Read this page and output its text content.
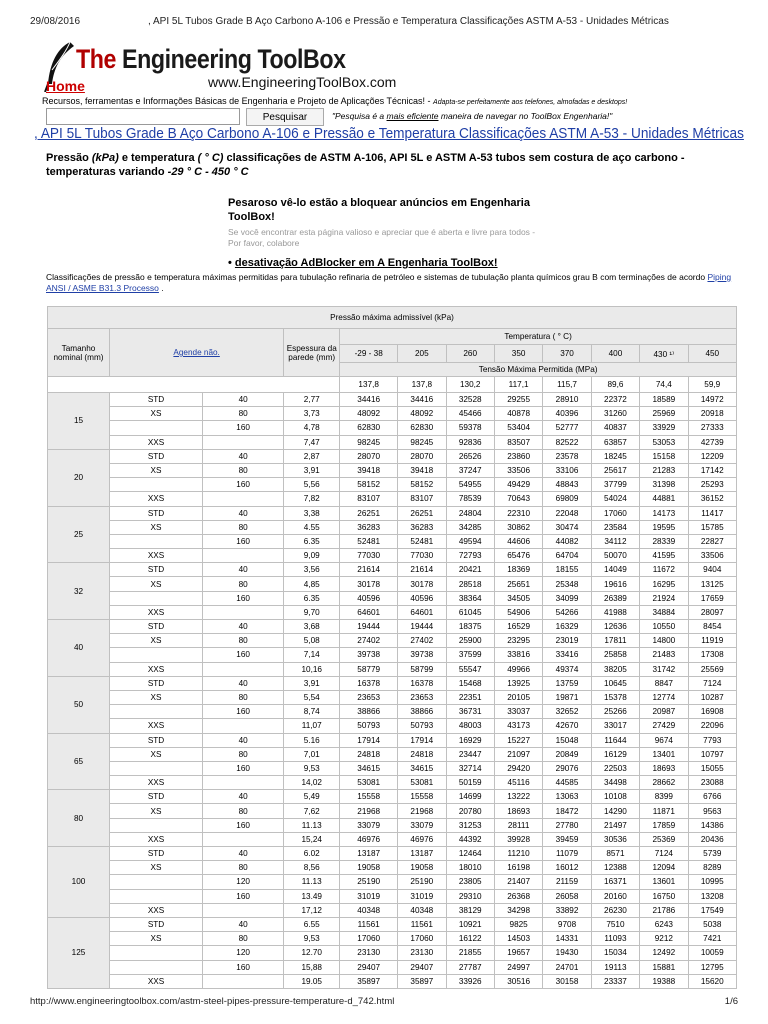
29/08/2016	, API 5L Tubos Grade B Aço Carbono A-106 e Pressão e Temperatura Classificações ASTM A-53 - Unidades Métricas
The Engineering ToolBox
www.EngineeringToolBox.com
Home
Recursos, ferramentas e Informações Básicas de Engenharia e Projeto de Aplicações Técnicas! - Adapta-se perfeitamente aos telefones, almofadas e desktops!
Pesquisar	"Pesquisa é a mais eficiente maneira de navegar no ToolBox Engenharia!"
, API 5L Tubos Grade B Aço Carbono A-106 e Pressão e Temperatura Classificações ASTM A-53 - Unidades Métricas
Pressão (kPa) e temperatura ( ° C) classificações de ASTM A-106, API 5L e ASTM A-53 tubos sem costura de aço carbono - temperaturas variando -29 ° C - 450 ° C
Pesaroso vê-lo estão a bloquear anúncios em Engenharia ToolBox!
Se você encontrar esta página valioso e apreciar que é aberta e livre para todos -
Por favor, colabore
• desativação AdBlocker em A Engenharia ToolBox!
Classificações de pressão e temperatura máximas permitidas para tubulação refinaria de petróleo e sistemas de tubulação planta químicos grau B com terminações de acordo Piping ANSI / ASME B31.3 Processo .
Pressão máxima admissível (kPa)											
Tamanho nominal (mm)	Agende não.		Espessura da parede (mm)	Temperatura ( ° C)							
				-29 - 38	205	260	350	370	400	430 ¹⁾	450
				Tensão Máxima Permitida (MPa)							
				137,8	137,8	130,2	117,1	115,7	89,6	74,4	59,9
15	STD	40	2,77	34416	34416	32528	29255	28910	22372	18589	14972
	XS	80	3,73	48092	48092	45466	40878	40396	31260	25969	20918
		160	4,78	62830	62830	59378	53404	52777	40837	33929	27333
	XXS		7,47	98245	98245	92836	83507	82522	63857	53053	42739
20	STD	40	2,87	28070	28070	26526	23860	23578	18245	15158	12209
	XS	80	3,91	39418	39418	37247	33506	33106	25617	21283	17142
		160	5,56	58152	58152	54955	49429	48843	37799	31398	25293
	XXS		7,82	83107	83107	78539	70643	69809	54024	44881	36152
25	STD	40	3,38	26251	26251	24804	22310	22048	17060	14173	11417
	XS	80	4.55	36283	36283	34285	30862	30474	23584	19595	15785
		160	6.35	52481	52481	49594	44606	44082	34112	28339	22827
	XXS		9,09	77030	77030	72793	65476	64704	50070	41595	33506
32	STD	40	3,56	21614	21614	20421	18369	18155	14049	11672	9404
	XS	80	4,85	30178	30178	28518	25651	25348	19616	16295	13125
		160	6.35	40596	40596	38364	34505	34099	26389	21924	17659
	XXS		9,70	64601	64601	61045	54906	54266	41988	34884	28097
40	STD	40	3,68	19444	19444	18375	16529	16329	12636	10550	8454
	XS	80	5,08	27402	27402	25900	23295	23019	17811	14800	11919
		160	7,14	39738	39738	37599	33816	33416	25858	21483	17308
	XXS		10,16	58779	58799	55547	49966	49374	38205	31742	25569
50	STD	40	3,91	16378	16378	15468	13925	13759	10645	8847	7124
	XS	80	5,54	23653	23653	22351	20105	19871	15378	12774	10287
		160	8,74	38866	38866	36731	33037	32652	25266	20987	16908
	XXS		11,07	50793	50793	48003	43173	42670	33017	27429	22096
65	STD	40	5.16	17914	17914	16929	15227	15048	11644	9674	7793
	XS	80	7,01	24818	24818	23447	21097	20849	16129	13401	10797
		160	9,53	34615	34615	32714	29420	29076	22503	18693	15055
	XXS		14,02	53081	53081	50159	45116	44585	34498	28662	23088
80	STD	40	5,49	15558	15558	14699	13222	13063	10108	8399	6766
	XS	80	7,62	21968	21968	20780	18693	18472	14290	11871	9563
		160	11.13	33079	33079	31253	28111	27780	21497	17859	14386
	XXS		15,24	46976	46976	44392	39928	39459	30536	25369	20436
100	STD	40	6.02	13187	13187	12464	11210	11079	8571	7124	5739
	XS	80	8,56	19058	19058	18010	16198	16012	12388	12094	8289
		120	11.13	25190	25190	23805	21407	21159	16371	13601	10995
		160	13.49	31019	31019	29310	26368	26058	20160	16750	13208
	XXS		17,12	40348	40348	38129	34298	33892	26230	21786	17549
125	STD	40	6.55	11561	11561	10921	9825	9708	7510	6243	5038
	XS	80	9,53	17060	17060	16122	14503	14331	11093	9212	7421
		120	12.70	23130	23130	21855	19657	19430	15034	12492	10059
		160	15,88	29407	29407	27787	24997	24701	19113	15881	12795
	XXS		19.05	35897	35897	33926	30516	30158	23337	19388	15620
http://www.engineeringtoolbox.com/astm-steel-pipes-pressure-temperature-d_742.html	1/6
